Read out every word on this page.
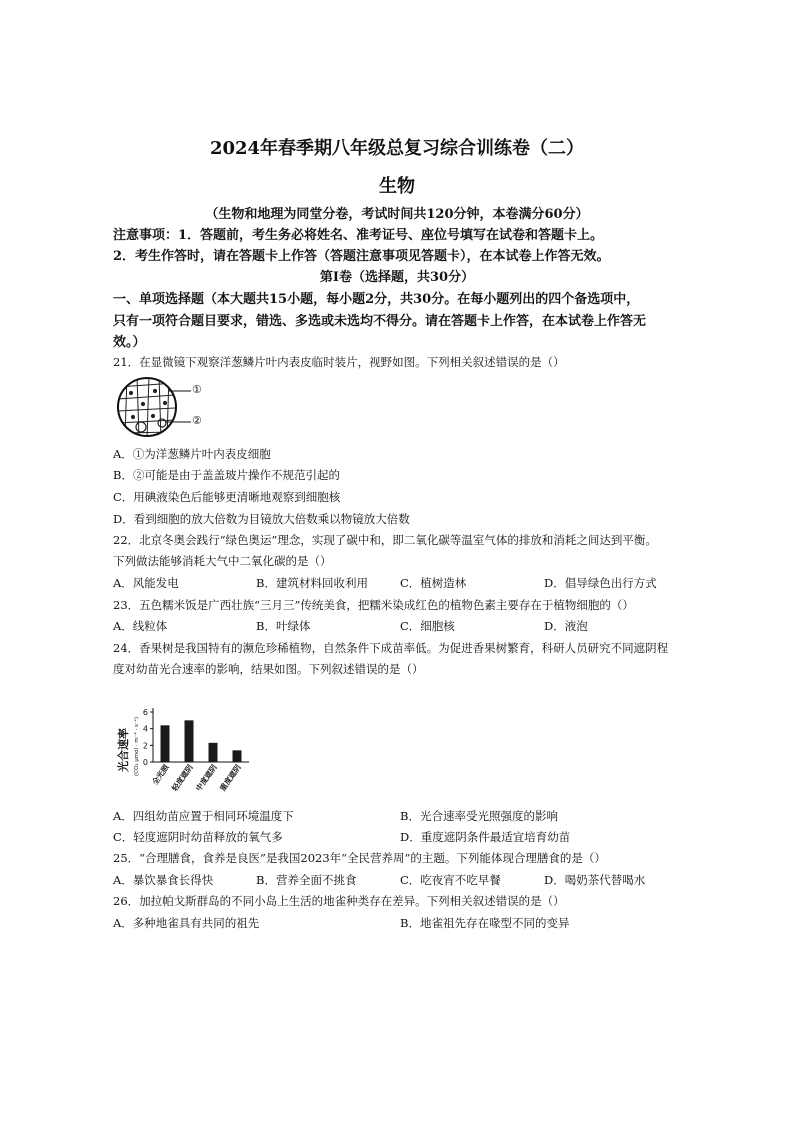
2024年春季期八年级总复习综合训练卷（二）
生物
（生物和地理为同堂分卷，考试时间共120分钟，本卷满分60分）
注意事项：1．答题前，考生务必将姓名、准考证号、座位号填写在试卷和答题卡上。
2．考生作答时，请在答题卡上作答（答题注意事项见答题卡），在本试卷上作答无效。
第Ⅰ卷（选择题，共30分）
一、单项选择题（本大题共15小题，每小题2分，共30分。在每小题列出的四个备选项中，
只有一项符合题目要求，错选、多选或未选均不得分。请在答题卡上作答，在本试卷上作答无
效。）
21．在显微镜下观察洋葱鳞片叶内表皮临时装片，视野如图。下列相关叙述错误的是（）
①
②
A．①为洋葱鳞片叶内表皮细胞
B．②可能是由于盖盖玻片操作不规范引起的
C．用碘液染色后能够更清晰地观察到细胞核
D．看到细胞的放大倍数为目镜放大倍数乘以物镜放大倍数
22．北京冬奥会践行“绿色奥运”理念，实现了碳中和，即二氧化碳等温室气体的排放和消耗之间达到平衡。
下列做法能够消耗大气中二氧化碳的是（）
A．风能发电	B．建筑材料回收利用	C．植树造林	D．倡导绿色出行方式
23．五色糯米饭是广西壮族“三月三”传统美食，把糯米染成红色的植物色素主要存在于植物细胞的（）
A．线粒体	B．叶绿体	C．细胞核	D．液泡
24．香果树是我国特有的濒危珍稀植物，自然条件下成苗率低。为促进香果树繁育，科研人员研究不同遮阴程
度对幼苗光合速率的影响，结果如图。下列叙述错误的是（）
光合速率 (CO₂ μmol · m⁻² · s⁻¹) 0
2
4
6
全光照 轻度遮阴 中度遮阴 重度遮阴
A．四组幼苗应置于相同环境温度下	B．光合速率受光照强度的影响
C．轻度遮阴时幼苗释放的氧气多	D．重度遮阴条件最适宜培育幼苗
25．“合理膳食，食养是良医”是我国2023年“全民营养周”的主题。下列能体现合理膳食的是（）
A．暴饮暴食长得快	B．营养全面不挑食	C．吃夜宵不吃早餐	D．喝奶茶代替喝水
26．加拉帕戈斯群岛的不同小岛上生活的地雀种类存在差异。下列相关叙述错误的是（）
A．多种地雀具有共同的祖先	B．地雀祖先存在喙型不同的变异
